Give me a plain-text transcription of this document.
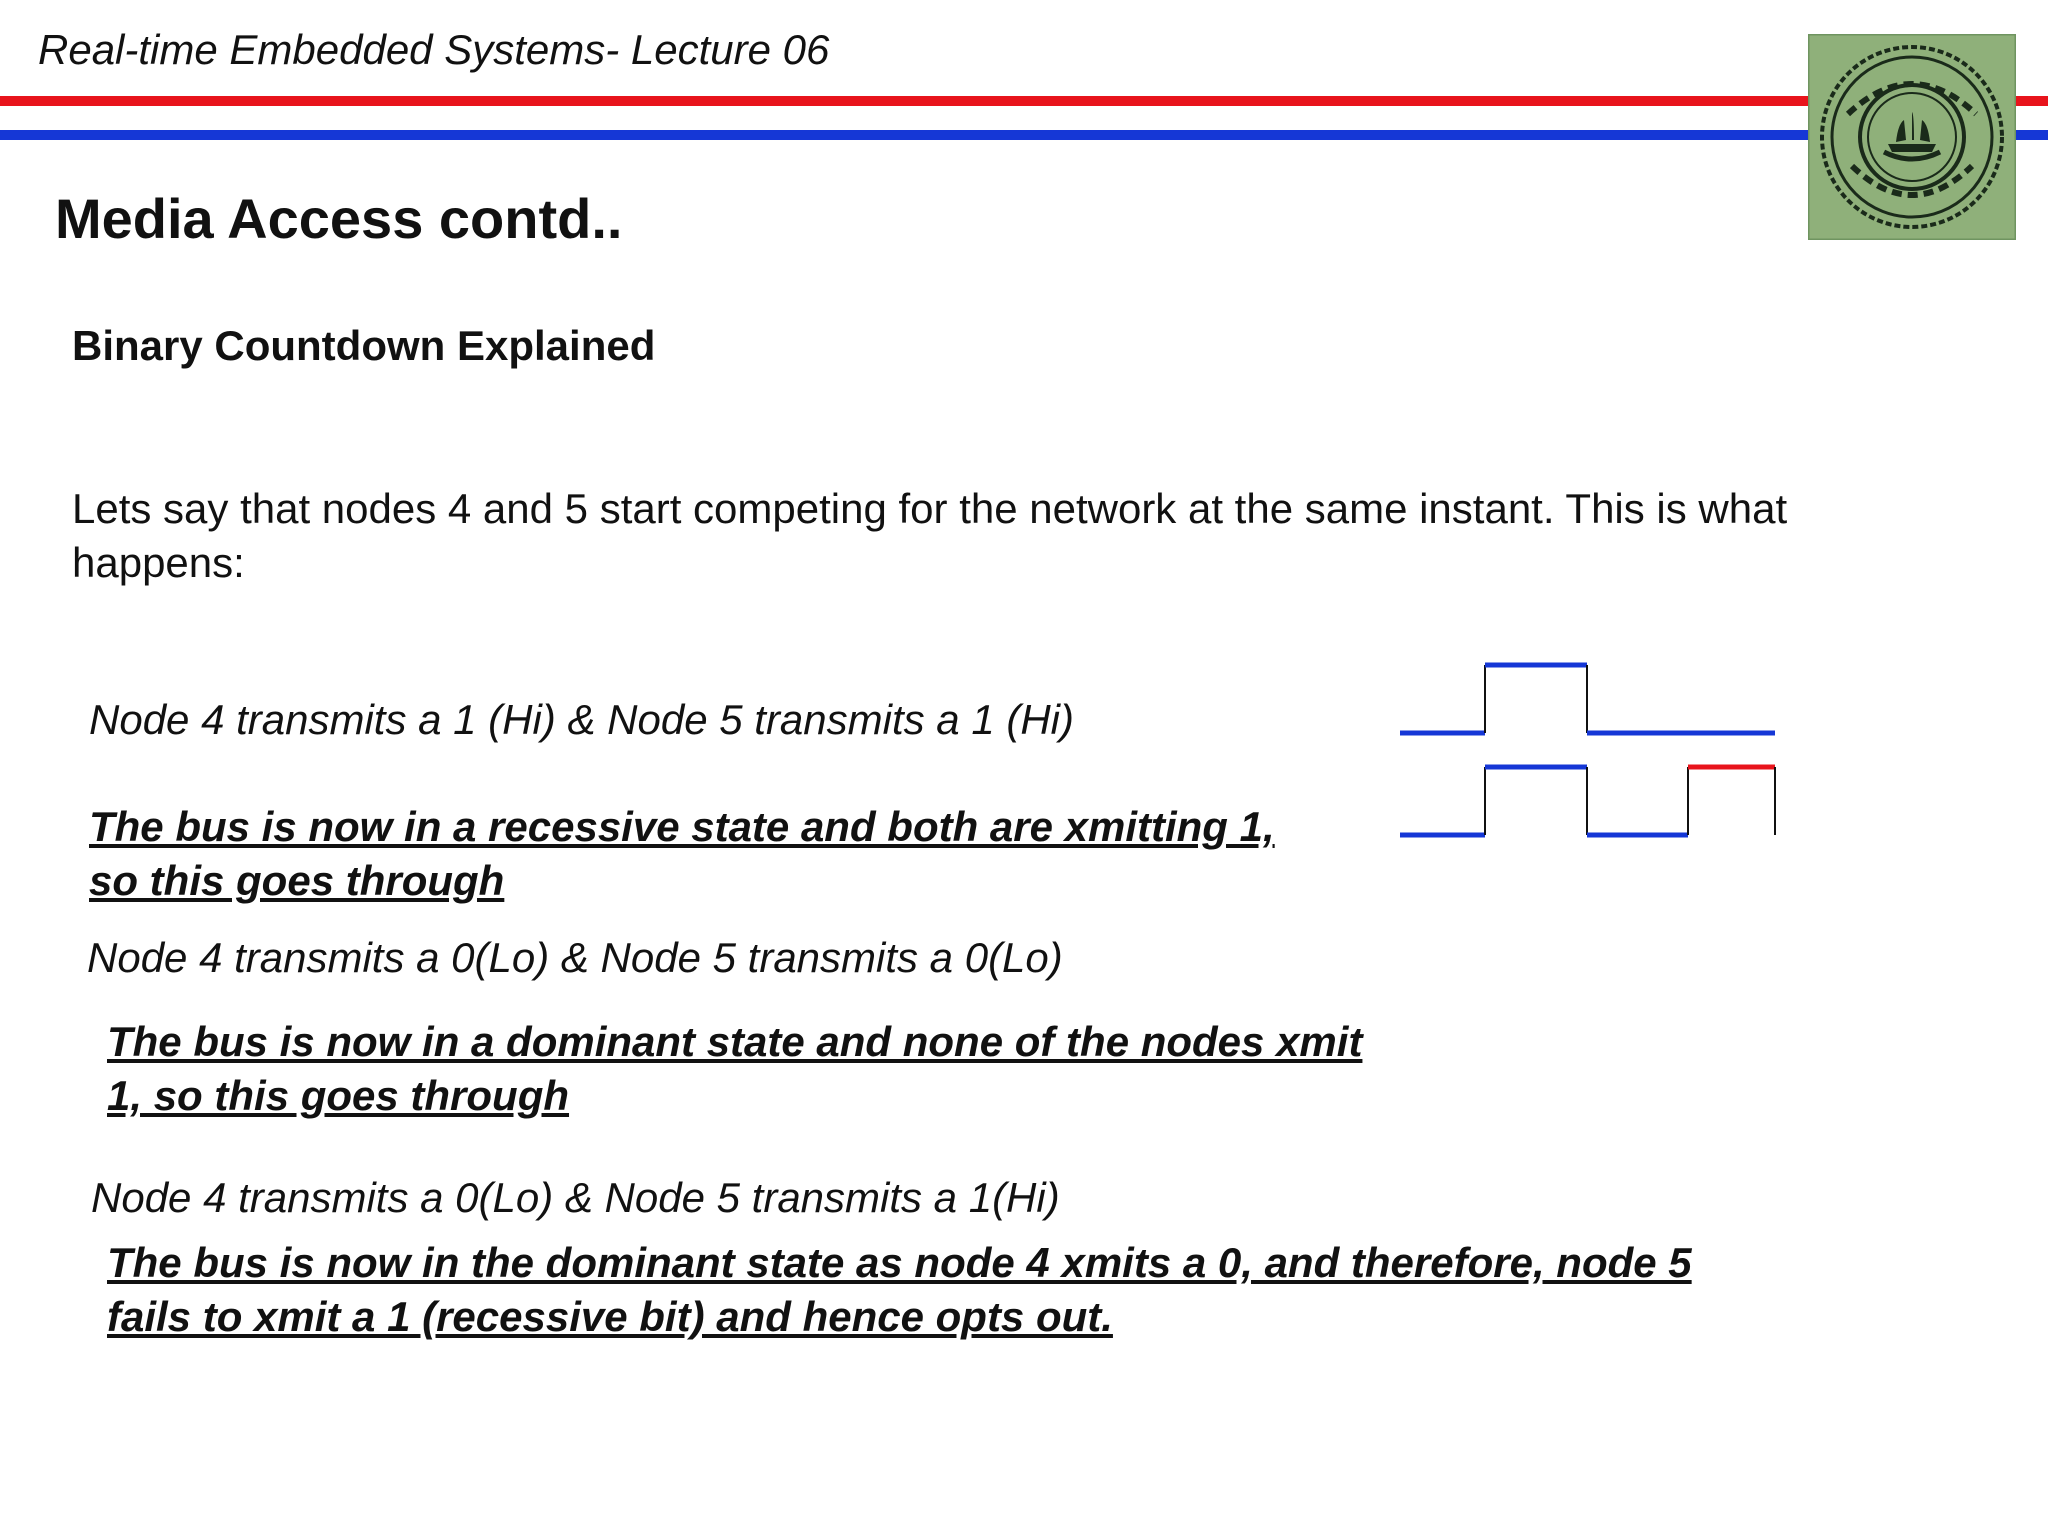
Real-time Embedded Systems- Lecture 06
Media Access contd..
Binary Countdown Explained

Lets say that nodes 4 and 5 start competing for the network at the same instant. This is what happens:

Node 4 transmits a 1 (Hi) & Node 5 transmits a 1 (Hi)
The bus is now in a recessive state and both are xmitting 1,
so this goes through
Node 4 transmits a 0(Lo) & Node 5 transmits a 0(Lo)
The bus is now in a dominant state and none of the nodes xmit
1, so this goes through
Node 4 transmits a 0(Lo) & Node 5 transmits a 1(Hi)
The bus is now in the dominant state as node 4 xmits a 0, and therefore, node 5
fails to xmit a 1 (recessive bit) and hence opts out.
